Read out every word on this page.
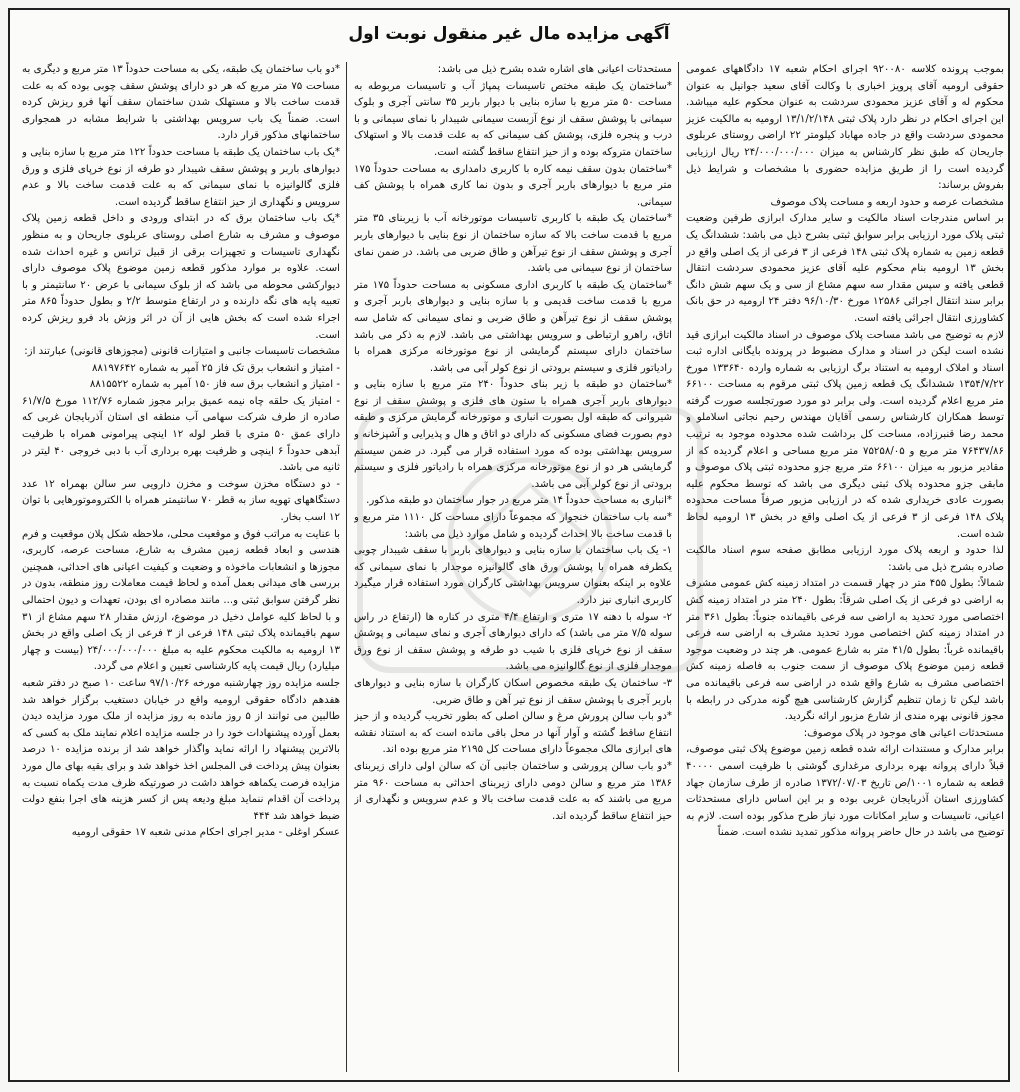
آگهی مزایده مال غیر منقول نوبت اول

بموجب پرونده کلاسه ۹۲۰۰۸۰ اجرای احکام شعبه ۱۷ دادگاههای عمومی حقوقی ارومیه آقای پرویز اخباری با وکالت آقای سعید جوانیل به عنوان محکوم له و آقای عزیز محمودی سردشت به عنوان محکوم علیه میباشد. این اجرای احکام در نظر دارد پلاک ثبتی ۱۳/۱/۲/۱۴۸ ارومیه به مالکیت عزیز محمودی سردشت واقع در جاده مهاباد کیلومتر ۲۲ اراضی روستای عربلوی جاریحان که طبق نظر کارشناس به میزان ۲۴/۰۰۰/۰۰۰/۰۰۰ ریال ارزیابی گردیده است را از طریق مزایده حضوری با مشخصات و شرایط ذیل بفروش برساند:

مشخصات عرصه و حدود اربعه و مساحت پلاک موصوف

بر اساس مندرجات اسناد مالکیت و سایر مدارک ابرازی طرفین وضعیت ثبتی پلاک مورد ارزیابی برابر سوابق ثبتی بشرح ذیل می باشد: ششدانگ یک قطعه زمین به شماره پلاک ثبتی ۱۴۸ فرعی از ۳ فرعی از یک اصلی واقع در بخش ۱۳ ارومیه بنام محکوم علیه آقای عزیز محمودی سردشت انتقال قطعی یافته و سپس مقدار سه سهم مشاع از سی و یک سهم شش دانگ برابر سند انتقال اجرائی ۱۲۵۸۶ مورخ ۹۶/۱۰/۳۰ دفتر ۲۴ ارومیه در حق بانک کشاورزی انتقال اجرائی یافته است.

لازم به توضیح می باشد مساحت پلاک موصوف در اسناد مالکیت ابرازی قید نشده است لیکن در اسناد و مدارک مضبوط در پرونده بایگانی اداره ثبت اسناد و املاک ارومیه به استناد برگ ارزیابی به شماره وارده ۱۳۳۶۴۰ مورخ ۱۳۵۴/۷/۲۲ ششدانگ یک قطعه زمین پلاک ثبتی مرقوم به مساحت ۶۶۱۰۰ متر مربع اعلام گردیده است. ولی برابر دو مورد صورتجلسه صورت گرفته توسط همکاران کارشناس رسمی آقایان مهندس رحیم نجاتی اسلاملو و محمد رضا قنبرزاده، مساحت کل برداشت شده محدوده موجود به ترتیب ۷۶۴۳۷/۸۶ متر مربع و ۷۵۲۵۸/۰۵ متر مربع مساحی و اعلام گردیده که از مقادیر مزبور به میزان ۶۶۱۰۰ متر مربع جزو محدوده ثبتی پلاک موصوف و مابقی جزو محدوده پلاک ثبتی دیگری می باشد که توسط محکوم علیه بصورت عادی خریداری شده که در ارزیابی مزبور صرفاً مساحت محدوده پلاک ۱۴۸ فرعی از ۳ فرعی از یک اصلی واقع در بخش ۱۳ ارومیه لحاظ شده است.

لذا حدود و اربعه پلاک مورد ارزیابی مطابق صفحه سوم اسناد مالکیت صادره بشرح ذیل می باشد:

شمالاً: بطول ۴۵۵ متر در چهار قسمت در امتداد زمینه کش عمومی مشرف به اراضی دو فرعی از یک اصلی شرقاً: بطول ۲۴۰ متر در امتداد زمینه کش اختصاصی مورد تحدید به اراضی سه فرعی باقیمانده جنوباً: بطول ۳۶۱ متر در امتداد زمینه کش اختصاصی مورد تحدید مشرف به اراضی سه فرعی باقیمانده غرباً: بطول ۴۱/۵ متر به شارع عمومی. هر چند در وضعیت موجود قطعه زمین موضوع پلاک موصوف از سمت جنوب به فاصله زمینه کش اختصاصی مشرف به شارع واقع شده در اراضی سه فرعی باقیمانده می باشد لیکن تا زمان تنظیم گزارش کارشناسی هیچ گونه مدرکی در رابطه با مجوز قانونی بهره مندی از شارع مزبور ارائه نگردید.

مستحدثات اعیانی های موجود در پلاک موصوف:

برابر مدارک و مستندات ارائه شده قطعه زمین موضوع پلاک ثبتی موصوف، قبلاً دارای پروانه بهره برداری مرغداری گوشتی با ظرفیت اسمی ۴۰۰۰۰ قطعه به شماره ۱۰۰۱/ص تاریخ ۱۳۷۲/۰۷/۰۳ صادره از طرف سازمان جهاد کشاورزی استان آذربایجان غربی بوده و بر این اساس دارای مستحدثات اعیانی، تاسیسات و سایر امکانات مورد نیاز طرح مذکور بوده است. لازم به توضیح می باشد در حال حاضر پروانه مذکور تمدید نشده است. ضمناً

مستحدثات اعیانی های اشاره شده بشرح ذیل می باشد:

*ساختمان یک طبقه مختص تاسیسات پمپاژ آب و تاسیسات مربوطه به مساحت ۵۰ متر مربع با سازه بنایی با دیوار باربر ۳۵ سانتی آجری و بلوک سیمانی با پوشش سقف از نوع آزبست سیمانی شیبدار با نمای سیمانی و با درب و پنجره فلزی، پوشش کف سیمانی که به علت قدمت بالا و استهلاک ساختمان متروکه بوده و از حیز انتفاع ساقط گشته است.

*ساختمان بدون سقف نیمه کاره با کاربری دامداری به مساحت حدوداً ۱۷۵ متر مربع با دیوارهای باربر آجری و بدون نما کاری همراه با پوشش کف سیمانی.

*ساختمان یک طبقه با کاربری تاسیسات موتورخانه آب با زیربنای ۳۵ متر مربع با قدمت ساخت بالا که سازه ساختمان از نوع بنایی با دیوارهای باربر آجری و پوشش سقف از نوع تیرآهن و طاق ضربی می باشد. در ضمن نمای ساختمان از نوع سیمانی می باشد.

*ساختمان یک طبقه با کاربری اداری مسکونی به مساحت حدوداً ۱۷۵ متر مربع با قدمت ساخت قدیمی و با سازه بنایی و دیوارهای باربر آجری و پوشش سقف از نوع تیرآهن و طاق ضربی و نمای سیمانی که شامل سه اتاق، راهرو ارتباطی و سرویس بهداشتی می باشد. لازم به ذکر می باشد ساختمان دارای سیستم گرمایشی از نوع موتورخانه مرکزی همراه با رادیاتور فلزی و سیستم برودتی از نوع کولر آبی می باشد.

*ساختمان دو طبقه با زیر بنای حدوداً ۲۴۰ متر مربع با سازه بنایی و دیوارهای باربر آجری همراه با ستون های فلزی و پوشش سقف از نوع شیروانی که طبقه اول بصورت انباری و موتورخانه گرمایش مرکزی و طبقه دوم بصورت فضای مسکونی که دارای دو اتاق و هال و پذیرایی و آشپزخانه و سرویس بهداشتی بوده که مورد استفاده قرار می گیرد. در ضمن سیستم گرمایشی هر دو از نوع موتورخانه مرکزی همراه با رادیاتور فلزی و سیستم برودتی از نوع کولر آبی می باشد.

*انباری به مساحت حدوداً ۱۴ متر مربع در جوار ساختمان دو طبقه مذکور.

*سه باب ساختمان خنجوار که مجموعاً دارای مساحت کل ۱۱۱۰ متر مربع و با قدمت ساخت بالا احداث گردیده و شامل موارد ذیل می باشد:

۱- یک باب ساختمان با سازه بنایی و دیوارهای باربر با سقف شیبدار چوبی یکطرفه همراه با پوشش ورق های گالوانیزه موجدار با نمای سیمانی که علاوه بر اینکه بعنوان سرویس بهداشتی کارگران مورد استفاده قرار میگیرد کاربری انباری نیز دارد.

۲- سوله با دهنه ۱۷ متری و ارتفاع ۴/۴ متری در کناره ها (ارتفاع در راس سوله ۷/۵ متر می باشد) که دارای دیوارهای آجری و نمای سیمانی و پوشش سقف از نوع خرپای فلزی با شیب دو طرفه و پوشش سقف از نوع ورق موجدار فلزی از نوع گالوانیزه می باشد.

۳- ساختمان یک طبقه مخصوص اسکان کارگران با سازه بنایی و دیوارهای باربر آجری با پوشش سقف از نوع تیر آهن و طاق ضربی.

*دو باب سالن پرورش مرغ و سالن اصلی که بطور تخریب گردیده و از حیز انتفاع ساقط گشته و آوار آنها در محل باقی مانده است که به استناد نقشه های ابرازی مالک مجموعاً دارای مساحت کل ۲۱۹۵ متر مربع بوده اند.

*دو باب سالن پرورشی و ساختمان جانبی آن که سالن اولی دارای زیربنای ۱۳۸۶ متر مربع و سالن دومی دارای زیربنای احداثی به مساحت ۹۶۰ متر مربع می باشند که به علت قدمت ساخت بالا و عدم سرویس و نگهداری از حیز انتفاع ساقط گردیده اند.

*دو باب ساختمان یک طبقه، یکی به مساحت حدوداً ۱۳ متر مربع و دیگری به مساحت ۷۵ متر مربع که هر دو دارای پوشش سقف چوبی بوده که به علت قدمت ساخت بالا و مستهلک شدن ساختمان سقف آنها فرو ریزش کرده است. ضمناً یک باب سرویس بهداشتی با شرایط مشابه در همجواری ساختمانهای مذکور قرار دارد.

*یک باب ساختمان یک طبقه با مساحت حدوداً ۱۲۲ متر مربع با سازه بنایی و دیوارهای باربر و پوشش سقف شیبدار دو طرفه از نوع خرپای فلزی و ورق فلزی گالوانیزه با نمای سیمانی که به علت قدمت ساخت بالا و عدم سرویس و نگهداری از حیز انتفاع ساقط گردیده است.

*یک باب ساختمان برق که در ابتدای ورودی و داخل قطعه زمین پلاک موصوف و مشرف به شارع اصلی روستای عربلوی جاریحان و به منظور نگهداری تاسیسات و تجهیزات برقی از قبیل ترانس و غیره احداث شده است. علاوه بر موارد مذکور قطعه زمین موضوع پلاک موصوف دارای دیوارکشی محوطه می باشد که از بلوک سیمانی با عرض ۲۰ سانتیمتر و با تعبیه پایه های نگه دارنده و در ارتفاع متوسط ۲/۲ و بطول حدوداً ۸۶۵ متر اجراء شده است که بخش هایی از آن در اثر وزش باد فرو ریزش کرده است.

مشخصات تاسیسات جانبی و امتیازات قانونی (مجوزهای قانونی) عبارتند از:

- امتیاز و انشعاب برق تک فاز ۲۵ آمپر به شماره ۸۸۱۹۷۶۴۲

- امتیاز و انشعاب برق سه فاز ۱۵۰ آمپر به شماره ۸۸۱۵۵۲۲

- امتیاز یک حلقه چاه نیمه عمیق برابر مجوز شماره ۱۱۲/۷۶ مورخ ۶۱/۷/۵ صادره از طرف شرکت سهامی آب منطقه ای استان آذربایجان غربی که دارای عمق ۵۰ متری با قطر لوله ۱۲ اینچی پیرامونی همراه با ظرفیت آبدهی حدوداً ۶ اینچی و ظرفیت بهره برداری آب با دبی خروجی ۴۰ لیتر در ثانیه می باشد.

- دو دستگاه مخزن سوخت و مخزن دارویی سر سالن بهمراه ۱۲ عدد دستگاههای تهویه ساز به قطر ۷۰ سانتیمتر همراه با الکتروموتورهایی با توان ۱۲ اسب بخار.

با عنایت به مراتب فوق و موقعیت محلی، ملاحظه شکل پلان موقعیت و فرم هندسی و ابعاد قطعه زمین مشرف به شارع، مساحت عرصه، کاربری، مجوزها و انشعابات ماخوذه و وضعیت و کیفیت اعیانی های احداثی، همچنین بررسی های میدانی بعمل آمده و لحاظ قیمت معاملات روز منطقه، بدون در نظر گرفتن سوابق ثبتی و... مانند مصادره ای بودن، تعهدات و دیون احتمالی و با لحاظ کلیه عوامل دخیل در موضوع، ارزش مقدار ۲۸ سهم مشاع از ۳۱ سهم باقیمانده پلاک ثبتی ۱۴۸ فرعی از ۳ فرعی از یک اصلی واقع در بخش ۱۳ ارومیه به مالکیت محکوم علیه به مبلغ ۲۴/۰۰۰/۰۰۰/۰۰۰ (بیست و چهار میلیارد) ریال قیمت پایه کارشناسی تعیین و اعلام می گردد.

جلسه مزایده روز چهارشنبه مورخه ۹۷/۱۰/۲۶ ساعت ۱۰ صبح در دفتر شعبه هفدهم دادگاه حقوقی ارومیه واقع در خیابان دستغیب برگزار خواهد شد طالبین می توانند از ۵ روز مانده به روز مزایده از ملک مورد مزایده دیدن بعمل آورده پیشنهادات خود را در جلسه مزایده اعلام نمایند ملک به کسی که بالاترین پیشنهاد را ارائه نماید واگذار خواهد شد از برنده مزایده ۱۰ درصد بعنوان پیش پرداخت فی المجلس اخذ خواهد شد و برای بقیه بهای مال مورد مزایده فرصت یکماهه خواهد داشت در صورتیکه ظرف مدت یکماه نسبت به پرداخت آن اقدام ننماید مبلغ ودیعه پس از کسر هزینه های اجرا بنفع دولت ضبط خواهد شد ۴۴۴

عسکر اوغلی - مدیر اجرای احکام مدنی شعبه ۱۷ حقوقی ارومیه
